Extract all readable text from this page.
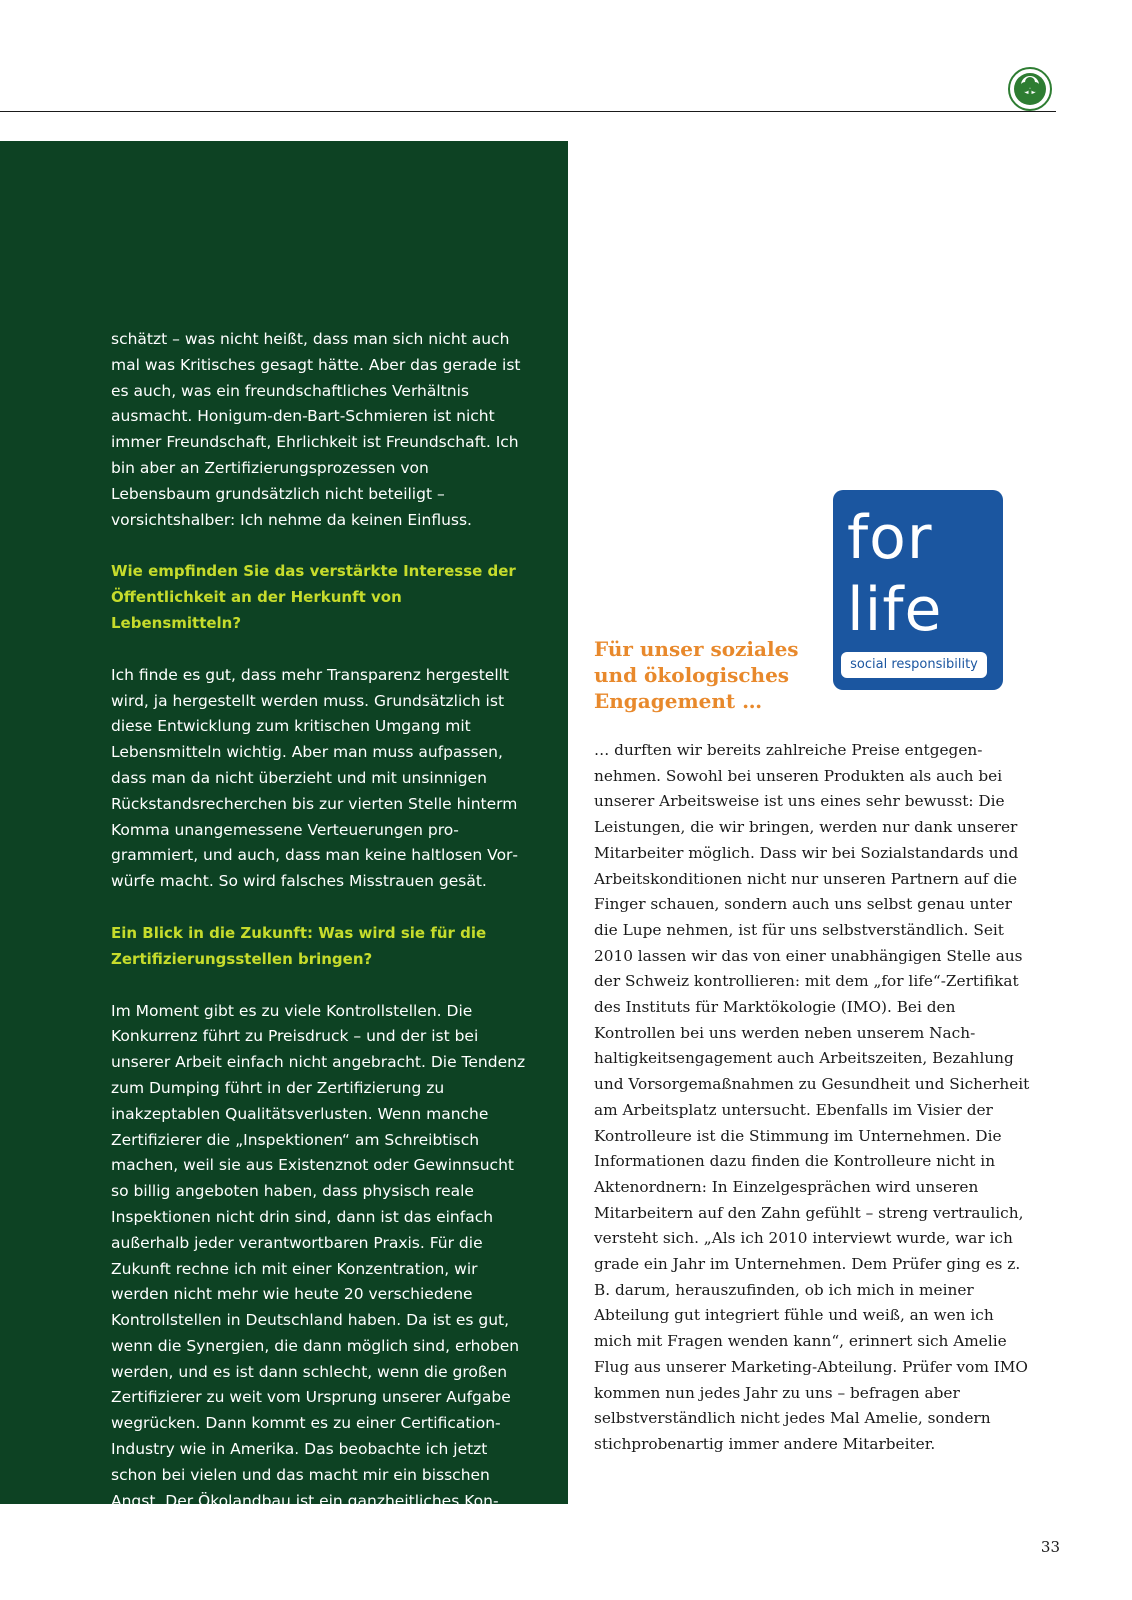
schätzt – was nicht heißt, dass man sich nicht auch mal was Kritisches gesagt hätte. Aber das gerade ist es auch, was ein freundschaftliches Verhältnis ausmacht. Honigum-den-Bart-Schmieren ist nicht immer Freundschaft, Ehrlichkeit ist Freundschaft. Ich bin aber an Zertifizierungsprozessen von Lebensbaum grundsätzlich nicht beteiligt – vorsichtshalber: Ich nehme da keinen Einfluss.

Wie empfinden Sie das verstärkte Interesse der Öffentlichkeit an der Herkunft von Lebensmitteln?

Ich finde es gut, dass mehr Transparenz hergestellt wird, ja hergestellt werden muss. Grundsätzlich ist diese Entwicklung zum kritischen Umgang mit Lebensmitteln wichtig. Aber man muss aufpassen, dass man da nicht überzieht und mit unsinnigen Rückstandsrecherchen bis zur vierten Stelle hinterm Komma unangemessene Verteuerungen programmiert, und auch, dass man keine haltlosen Vorwürfe macht. So wird falsches Misstrauen gesät.

Ein Blick in die Zukunft: Was wird sie für die Zertifizierungsstellen bringen?

Im Moment gibt es zu viele Kontrollstellen. Die Konkurrenz führt zu Preisdruck – und der ist bei unserer Arbeit einfach nicht angebracht. Die Tendenz zum Dumping führt in der Zertifizierung zu inakzeptablen Qualitätsverlusten. Wenn manche Zertifizierer die „Inspektionen“ am Schreibtisch machen, weil sie aus Existenznot oder Gewinnsucht so billig angeboten haben, dass physisch reale Inspektionen nicht drin sind, dann ist das einfach außerhalb jeder verantwortbaren Praxis. Für die Zukunft rechne ich mit einer Konzentration, wir werden nicht mehr wie heute 20 verschiedene Kontrollstellen in Deutschland haben. Da ist es gut, wenn die Synergien, die dann möglich sind, erhoben werden, und es ist dann schlecht, wenn die großen Zertifizierer zu weit vom Ursprung unserer Aufgabe wegrücken. Dann kommt es zu einer Certification-Industry wie in Amerika. Das beobachte ich jetzt schon bei vielen und das macht mir ein bisschen Angst. Der Ökolandbau ist ein ganzheitliches Konzept, daran muss sich die Zertifizierung orientieren.

for
life
social responsibility
Für unser soziales und ökologisches Engagement …
… durften wir bereits zahlreiche Preise entgegennehmen. Sowohl bei unseren Produkten als auch bei unserer Arbeitsweise ist uns eines sehr bewusst: Die Leistungen, die wir bringen, werden nur dank unserer Mitarbeiter möglich. Dass wir bei Sozialstandards und Arbeitskonditionen nicht nur unseren Partnern auf die Finger schauen, sondern auch uns selbst genau unter die Lupe nehmen, ist für uns selbstverständlich. Seit 2010 lassen wir das von einer unabhängigen Stelle aus der Schweiz kontrollieren: mit dem „for life“-Zertifikat des Instituts für Marktökologie (IMO). Bei den Kontrollen bei uns werden neben unserem Nachhaltigkeitsengagement auch Arbeitszeiten, Bezahlung und Vorsorgemaßnahmen zu Gesundheit und Sicherheit am Arbeitsplatz untersucht. Ebenfalls im Visier der Kontrolleure ist die Stimmung im Unternehmen. Die Informationen dazu finden die Kontrolleure nicht in Aktenordnern: In Einzelgesprächen wird unseren Mitarbeitern auf den Zahn gefühlt – streng vertraulich, versteht sich. „Als ich 2010 interviewt wurde, war ich grade ein Jahr im Unternehmen. Dem Prüfer ging es z. B. darum, herauszufinden, ob ich mich in meiner Abteilung gut integriert fühle und weiß, an wen ich mich mit Fragen wenden kann“, erinnert sich Amelie Flug aus unserer Marketing-Abteilung. Prüfer vom IMO kommen nun jedes Jahr zu uns – befragen aber selbstverständlich nicht jedes Mal Amelie, sondern stichprobenartig immer andere Mitarbeiter.
33
